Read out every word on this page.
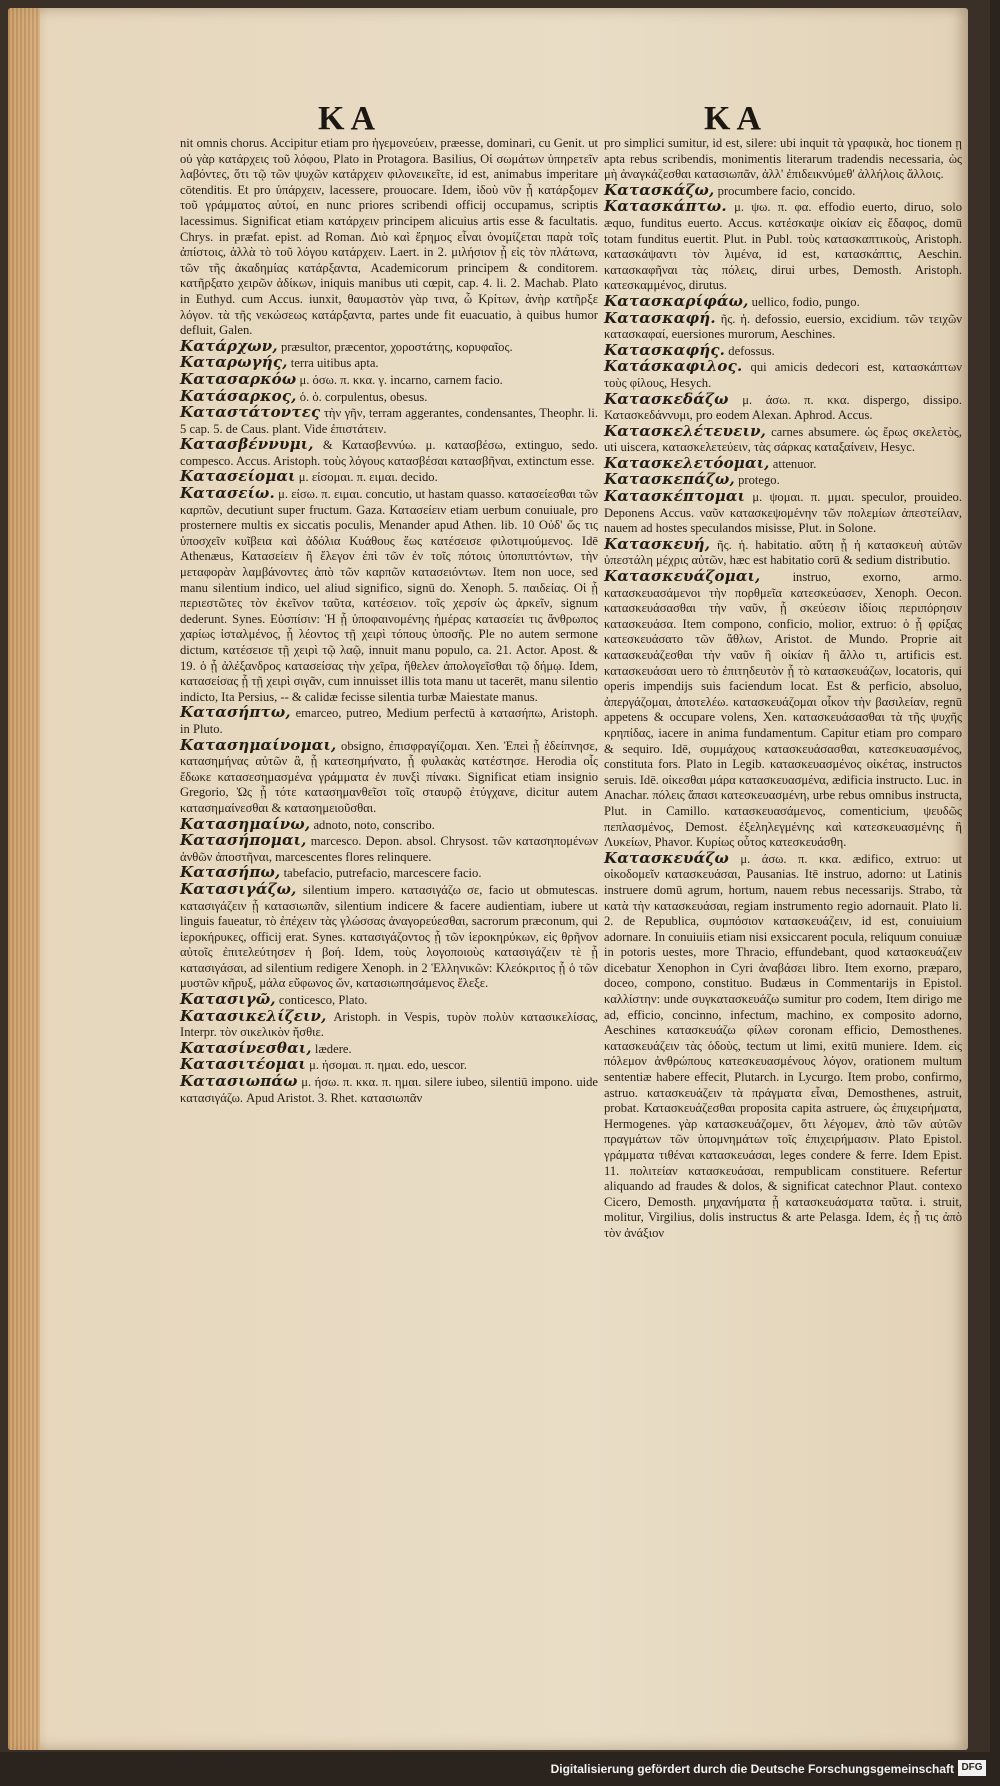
ΚΑ	ΚΑ

nit omnis chorus. Accipitur etiam pro ἡγεμονεύειν, præesse, dominari, cu Genit. ut οὐ γὰρ κατάρχεις τοῦ λόφου, Plato in Protagora. Basilius, Οἱ σωμάτων ὑπηρετεῖν λαβόντες, ὅτι τῷ τῶν ψυχῶν κατάρχειν φιλονεικεῖτε, id est, animabus imperitare cōtenditis. Et pro ὑπάρχειν, lacessere, prouocare. Idem, ἰδοὺ νῦν ᾗ κατάρξομεν τοῦ γράμματος αὐτοί, en nunc priores scribendi officij occupamus, scriptis lacessimus. Significat etiam κατάρχειν principem alicuius artis esse & facultatis. Chrys. in præfat. epist. ad Roman. Διὸ καὶ ἔρημος εἶναι ὀνομίζεται παρὰ τοῖς ἀπίστοις, ἀλλὰ τὸ τοῦ λόγου κατάρχειν. Laert. in 2. μιλήσιον ᾗ εἰς τὸν πλάτωνα, τῶν τῆς ἀκαδημίας κατάρξαντα, Academicorum principem & conditorem. κατῆρξατο χειρῶν ἀδίκων, iniquis manibus uti cœpit, cap. 4. li. 2. Machab. Plato in Euthyd. cum Accus. iunxit, θαυμαστὸν γὰρ τινα, ὦ Κρίτων, ἀνὴρ κατῆρξε λόγον. τὰ τῆς νεκώσεως κατάρξαντα, partes unde fit euacuatio, à quibus humor defluit, Galen.

Κατάρχων, præsultor, præcentor, χοροστάτης, κορυφαῖος.

Καταρωγής, terra uitibus apta.

Κατασαρκόω μ. όσω. π. κκα. γ. incarno, carnem facio.

Κατάσαρκος, ὁ. ὁ. corpulentus, obesus.

Καταστάτοντες τὴν γῆν, terram aggerantes, condensantes, Theophr. li. 5 cap. 5. de Caus. plant. Vide ἐπιστάτειν.

Κατασβέννυμι, & Κατασβεννύω. μ. κατασβέσω, extinguo, sedo. compesco. Accus. Aristoph. τοὺς λόγους κατασβέσαι κατασβῆναι, extinctum esse.

Κατασείομαι μ. είσομαι. π. ειμαι. decido.

Κατασείω. μ. είσω. π. ειμαι. concutio, ut hastam quasso. κατασείεσθαι τῶν καρπῶν, decutiunt super fructum. Gaza. Κατασείειν etiam uerbum conuiuale, pro prosternere multis ex siccatis poculis, Menander apud Athen. lib. 10 Οὐδ' ὥς τις ὑποσχεῖν κυῖβεια καὶ ἀδόλια Κυάθους ἕως κατέσεισε φιλοτιμούμενος. Idē Athenæus, Κατασείειν ἢ ἔλεγον ἐπὶ τῶν ἐν τοῖς πότοις ὑποπιπτόντων, τὴν μεταφορὰν λαμβάνοντες ἀπὸ τῶν καρπῶν κατασειόντων. Item non uoce, sed manu silentium indico, uel aliud significo, signū do. Xenoph. 5. παιδείας. Οἱ ᾗ περιεστῶτες τὸν ἐκεῖνον ταῦτα, κατέσειον. τοῖς χερσίν ὡς ἀρκεῖν, signum dederunt. Synes. Εὐσπίσιν: Ἡ ᾗ ὑποφαινομένης ἡμέρας κατασείει τις ἄνθρωπος χαρίως ἰσταλμένος, ᾗ λέοντος τῇ χειρὶ τόπους ὑποσῆς. Ple no autem sermone dictum, κατέσεισε τῇ χειρὶ τῷ λαῷ, innuit manu populo, ca. 21. Actor. Apost. & 19. ὁ ᾗ ἀλέξανδρος κατασείσας τὴν χεῖρα, ἤθελεν ἀπολογεῖσθαι τῷ δήμῳ. Idem, κατασείσας ᾗ τῇ χειρὶ σιγᾶν, cum innuisset illis tota manu ut tacerēt, manu silentio indicto, Ita Persius, -- & calidæ fecisse silentia turbæ Maiestate manus.

Κατασήπτω, emarceo, putreo, Medium perfectū à κατασήπω, Aristoph. in Pluto.

Κατασημαίνομαι, obsigno, ἐπισφραγίζομαι. Xen. Ἐπεὶ ᾗ ἐδείπνησε, κατασημήνας αὐτῶν ἃ, ᾗ κατεσημήνατο, ᾗ φυλακὰς κατέστησε. Herodia οἷς ἔδωκε κατασεσημασμένα γράμματα ἐν πυνξὶ πίνακι. Significat etiam insignio Gregorio, Ὡς ᾗ τότε κατασημανθεῖσι τοῖς σταυρῷ ἐτύγχανε, dicitur autem κατασημαίνεσθαι & κατασημειοῦσθαι.

Κατασημαίνω, adnoto, noto, conscribo.

Κατασήπομαι, marcesco. Depon. absol. Chrysost. τῶν κατασηπομένων ἀνθῶν ἀποστῆναι, marcescentes flores relinquere.

Κατασήπω, tabefacio, putrefacio, marcescere facio.

Κατασιγάζω, silentium impero. κατασιγάζω σε, facio ut obmutescas. κατασιγάζειν ᾗ κατασιωπᾶν, silentium indicere & facere audientiam, iubere ut linguis faueatur, τὸ ἐπέχειν τὰς γλώσσας ἀναγορεύεσθαι, sacrorum præconum, qui ἱεροκήρυκες, officij erat. Synes. κατασιγάζοντος ᾗ τῶν ἱεροκηρύκων, εἰς θρῆνον αὐτοῖς ἐπιτελεύτησεν ἡ βοή. Idem, τοὺς λογοποιοὺς κατασιγάζειν τὲ ᾗ κατασιγάσαι, ad silentium redigere Xenoph. in 2 Ἑλληνικῶν: Κλεόκριτος ᾗ ὁ τῶν μυστῶν κῆρυξ, μάλα εὔφωνος ὤν, κατασιωπησάμενος ἔλεξε.

Κατασιγῶ, conticesco, Plato.

Κατασικελίζειν, Aristoph. in Vespis, τυρὸν πολὺν κατασικελίσας, Interpr. τὸν σικελικὸν ἤσθιε.

Κατασίνεσθαι, lædere.

Κατασιτέομαι μ. ήσομαι. π. ημαι. edo, uescor.

Κατασιωπάω μ. ήσω. π. κκα. π. ημαι. silere iubeo, silentiū impono. uide κατασιγάζω. Apud Aristot. 3. Rhet. κατασιωπᾶν

pro simplici sumitur, id est, silere: ubi inquit τὰ γραφικὰ, hoc tionem ῃ apta rebus scribendis, monimentis literarum tradendis necessaria, ὡς μὴ ἀναγκάζεσθαι κατασιωπᾶν, ἀλλ' ἐπιδεικνύμεθ' ἀλλήλοις ἄλλοις.

Κατασκάζω, procumbere facio, concido.

Κατασκάπτω. μ. ψω. π. φα. effodio euerto, diruo, solo æquo, funditus euerto. Accus. κατέσκαψε οἰκίαν εἰς ἔδαφος, domū totam funditus euertit. Plut. in Publ. τοὺς κατασκαπτικοὺς, Aristoph. κατασκάψαντι τὸν λιμένα, id est, κατασκάπτις, Aeschin. κατασκαφῆναι τὰς πόλεις, dirui urbes, Demosth. Aristoph. κατεσκαμμένος, dirutus.

Κατασκαρίφάω, uellico, fodio, pungo.

Κατασκαφή. ῆς. ἡ. defossio, euersio, excidium. τῶν τειχῶν κατασκαφαί, euersiones murorum, Aeschines.

Κατασκαφής. defossus.

Κατάσκαφιλος. qui amicis dedecori est, κατασκάπτων τοὺς φίλους, Hesych.

Κατασκεδάζω μ. άσω. π. κκα. dispergo, dissipo. Κατασκεδάννυμι, pro eodem Alexan. Aphrod. Accus.

Κατασκελέτευειν, carnes absumere. ὡς ἔρως σκελετὸς, uti uiscera, κατασκελετεύειν, τὰς σάρκας καταξαίνειν, Hesyc.

Κατασκελετόομαι, attenuor.

Κατασκεπάζω, protego.

Κατασκέπτομαι μ. ψομαι. π. μμαι. speculor, prouideo. Deponens Accus. ναῦν κατασκεψομένην τῶν πολεμίων ἀπεστείλαν, nauem ad hostes speculandos misisse, Plut. in Solone.

Κατασκευή, ῆς. ἡ. habitatio. αὕτη ᾗ ἡ κατασκευὴ αὐτῶν ὑπεστάλη μέχρις αὐτῶν, hæc est habitatio corū & sedium distributio.

Κατασκευάζομαι,	instruo, exorno, armo. κατασκευασάμενοι τὴν πορθμεῖα κατεσκεύασεν, Xenoph. Oecon. κατασκευάσασθαι τὴν ναῦν, ᾗ σκεύεσιν ἰδίοις περιπόρησιν κατασκευάσα. Item compono, conficio, molior, extruo: ὁ ᾗ φρίξας κατεσκευάσατο τῶν ἄθλων, Aristot. de Mundo. Proprie ait κατασκευάζεσθαι τὴν ναῦν ἢ οἰκίαν ἢ ἄλλο τι, artificis est. κατασκευάσαι uero τὸ ἐπιτηδευτὸν ᾗ τὸ κατασκευάζων, locatoris, qui operis impendijs suis faciendum locat. Est & perficio, absoluo, ἀπεργάζομαι, ἀποτελέω. κατασκευάζομαι οἶκον τὴν βασιλείαν, regnū appetens & occupare volens, Xen. κατασκευάσασθαι τὰ τῆς ψυχῆς κρηπίδας, iacere in anima fundamentum. Capitur etiam pro comparo & sequiro. Idē, συμμάχους κατασκευάσασθαι, κατεσκευασμένος, constituta fors. Plato in Legib. κατασκευασμένος οἰκέτας, instructos seruis. Idē. οἰκεσθαι μάρα κατασκευασμένα, ædificia instructo. Luc. in Anachar. πόλεις ἅπασι κατεσκευασμένη, urbe rebus omnibus instructa, Plut. in Camillo. κατασκευασάμενος, comenticium, ψευδῶς πεπλασμένος, Demost. ἐξεληλεγμένης καὶ κατεσκευασμένης ἢ Λυκείων, Phavor. Κυρίως οὗτος κατεσκευάσθη.

Κατασκευάζω μ. άσω. π. κκα. ædifico, extruo: ut οἰκοδομεῖν κατασκευάσαι, Pausanias. Itē instruo, adorno: ut Latinis instruere domū agrum, hortum, nauem rebus necessarijs. Strabo, τὰ κατὰ τὴν κατασκευάσαι, regiam instrumento regio adornauit. Plato li. 2. de Republica, συμπόσιον κατασκευάζειν, id est, conuiuium adornare. In conuiuiis etiam nisi exsiccarent pocula, reliquum conuiuæ in potoris uestes, more Thracio, effundebant, quod κατασκευάζειν dicebatur Xenophon in Cyri ἀναβάσει libro. Item exorno, præparo, doceo, compono, constituo. Budæus in Commentarijs in Epistol. καλλίστην: unde συγκατασκευάζω sumitur pro codem, Item dirigo me ad, efficio, concinno, infectum, machino, ex composito adorno, Aeschines κατασκευάζω φίλων coronam efficio, Demosthenes. κατασκευάζειν τὰς ὁδοὺς, tectum ut limi, exitū muniere. Idem. εἰς πόλεμον ἀνθρώπους κατεσκευασμένους λόγον, orationem multum sententiæ habere effecit, Plutarch. in Lycurgo. Item probo, confirmo, astruo. κατασκευάζειν τὰ πράγματα εἶναι, Demosthenes, astruit, probat. Κατασκευάζεσθαι proposita capita astruere, ὡς ἐπιχειρήματα, Hermogenes. γὰρ κατασκευάζομεν, ὅτι λέγομεν, ἀπὸ τῶν αὐτῶν πραγμάτων τῶν ὑπομνημάτων τοῖς ἐπιχειρήμασιν. Plato Epistol. γράμματα τιθέναι κατασκευάσαι, leges condere & ferre. Idem Epist. 11. πολιτείαν κατασκευάσαι, rempublicam constituere. Refertur aliquando ad fraudes & dolos, & significat catechnor Plaut. contexo Cicero, Demosth. μηχανήματα ᾗ κατασκευάσματα ταῦτα. i. struit, molitur, Virgilius, dolis instructus & arte Pelasga. Idem, ἐς ᾗ τις ἀπὸ τὸν ἀνάξιον

Digitalisierung gefördert durch die Deutsche Forschungsgemeinschaft DFG
